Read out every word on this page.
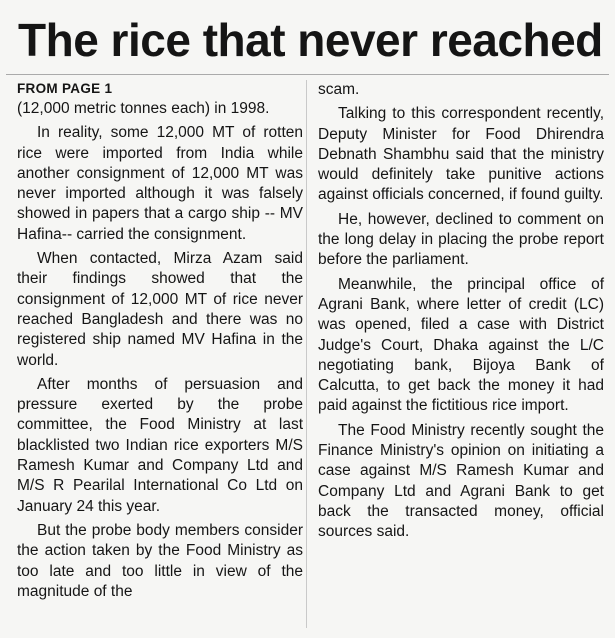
The rice that never reached
FROM PAGE 1

(12,000 metric tonnes each) in 1998.

In reality, some 12,000 MT of rotten rice were imported from India while another consignment of 12,000 MT was never imported although it was falsely showed in papers that a cargo ship -- MV Hafina-- carried the consignment.

When contacted, Mirza Azam said their findings showed that the consignment of 12,000 MT of rice never reached Bangladesh and there was no registered ship named MV Hafina in the world.

After months of persuasion and pressure exerted by the probe committee, the Food Ministry at last blacklisted two Indian rice exporters M/S Ramesh Kumar and Company Ltd and M/S R Pearilal International Co Ltd on January 24 this year.

But the probe body members consider the action taken by the Food Ministry as too late and too little in view of the magnitude of the

scam.

Talking to this correspondent recently, Deputy Minister for Food Dhirendra Debnath Shambhu said that the ministry would definitely take punitive actions against officials concerned, if found guilty.

He, however, declined to comment on the long delay in placing the probe report before the parliament.

Meanwhile, the principal office of Agrani Bank, where letter of credit (LC) was opened, filed a case with District Judge's Court, Dhaka against the L/C negotiating bank, Bijoya Bank of Calcutta, to get back the money it had paid against the fictitious rice import.

The Food Ministry recently sought the Finance Ministry's opinion on initiating a case against M/S Ramesh Kumar and Company Ltd and Agrani Bank to get back the transacted money, official sources said.
